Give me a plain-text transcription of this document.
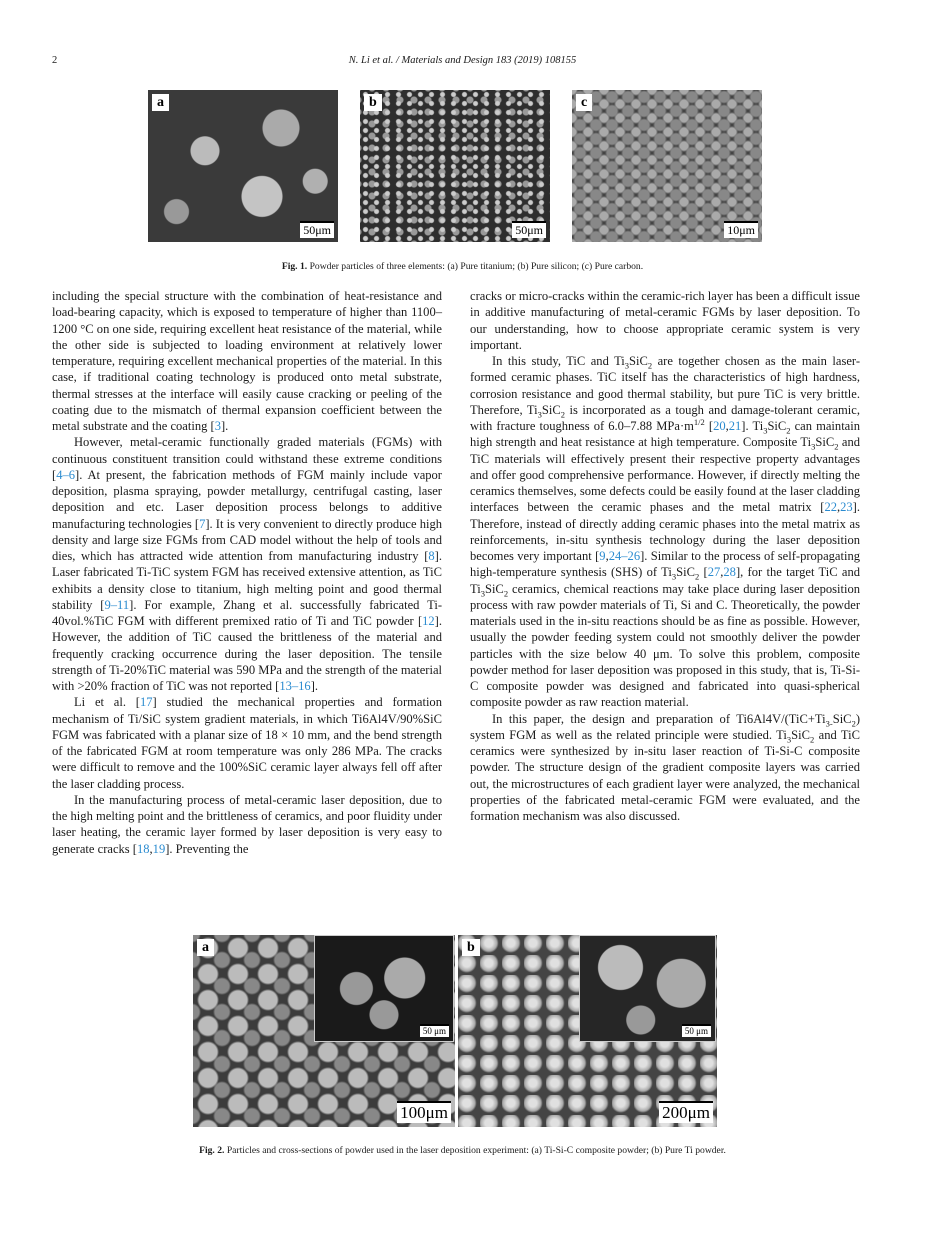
2	N. Li et al. / Materials and Design 183 (2019) 108155
a
50μm
b
50μm
c
10μm
Fig. 1. Powder particles of three elements: (a) Pure titanium; (b) Pure silicon; (c) Pure carbon.

including the special structure with the combination of heat-resistance and load-bearing capacity, which is exposed to temperature of higher than 1100–1200 °C on one side, requiring excellent heat resistance of the material, while the other side is subjected to loading environment at relatively lower temperature, requiring excellent mechanical properties of the material. In this case, if traditional coating technology is produced onto metal substrate, thermal stresses at the interface will easily cause cracking or peeling of the coating due to the mismatch of thermal expansion coefficient between the metal substrate and the coating [3].

However, metal-ceramic functionally graded materials (FGMs) with continuous constituent transition could withstand these extreme conditions [4–6]. At present, the fabrication methods of FGM mainly include vapor deposition, plasma spraying, powder metallurgy, centrifugal casting, laser deposition and etc. Laser deposition process belongs to additive manufacturing technologies [7]. It is very convenient to directly produce high density and large size FGMs from CAD model without the help of tools and dies, which has attracted wide attention from manufacturing industry [8]. Laser fabricated Ti-TiC system FGM has received extensive attention, as TiC exhibits a density close to titanium, high melting point and good thermal stability [9–11]. For example, Zhang et al. successfully fabricated Ti-40vol.%TiC FGM with different premixed ratio of Ti and TiC powder [12]. However, the addition of TiC caused the brittleness of the material and frequently cracking occurrence during the laser deposition. The tensile strength of Ti-20%TiC material was 590 MPa and the strength of the material with >20% fraction of TiC was not reported [13–16].

Li et al. [17] studied the mechanical properties and formation mechanism of Ti/SiC system gradient materials, in which Ti6Al4V/90%SiC FGM was fabricated with a planar size of 18 × 10 mm, and the bend strength of the fabricated FGM at room temperature was only 286 MPa. The cracks were difficult to remove and the 100%SiC ceramic layer always fell off after the laser cladding process.

In the manufacturing process of metal-ceramic laser deposition, due to the high melting point and the brittleness of ceramics, and poor fluidity under laser heating, the ceramic layer formed by laser deposition is very easy to generate cracks [18,19]. Preventing the

cracks or micro-cracks within the ceramic-rich layer has been a difficult issue in additive manufacturing of metal-ceramic FGMs by laser deposition. To our understanding, how to choose appropriate ceramic system is very important.

In this study, TiC and $Ti_3SiC_2$ are together chosen as the main laser-formed ceramic phases. TiC itself has the characteristics of high hardness, corrosion resistance and good thermal stability, but pure TiC is very brittle. Therefore, $Ti_3SiC_2$ is incorporated as a tough and damage-tolerant ceramic, with fracture toughness of 6.0–7.88 $MPa\cdot m^{1/2}$ [20,21]. $Ti_3SiC_2$ can maintain high strength and heat resistance at high temperature. Composite $Ti_3SiC_2$ and TiC materials will effectively present their respective property advantages and offer good comprehensive performance. However, if directly melting the ceramics themselves, some defects could be easily found at the laser cladding interfaces between the ceramic phases and the metal matrix [22,23]. Therefore, instead of directly adding ceramic phases into the metal matrix as reinforcements, in-situ synthesis technology during the laser deposition becomes very important [9,24–26]. Similar to the process of self-propagating high-temperature synthesis (SHS) of $Ti_3SiC_2$ [27,28], for the target TiC and $Ti_3SiC_2$ ceramics, chemical reactions may take place during laser deposition process with raw powder materials of Ti, Si and C. Theoretically, the powder materials used in the in-situ reactions should be as fine as possible. However, usually the powder feeding system could not smoothly deliver the powder particles with the size below 40 μm. To solve this problem, composite powder method for laser deposition was proposed in this study, that is, Ti-Si-C composite powder was designed and fabricated into quasi-spherical composite powder as raw reaction material.

In this paper, the design and preparation of $Ti6Al4V/(TiC+Ti_{3-}SiC_2)$ system FGM as well as the related principle were studied. $Ti_3SiC_2$ and TiC ceramics were synthesized by in-situ laser reaction of Ti-Si-C composite powder. The structure design of the gradient composite layers was carried out, the microstructures of each gradient layer were analyzed, the mechanical properties of the fabricated metal-ceramic FGM were evaluated, and the formation mechanism was also discussed.

a
50 μm
100μm
b
50 μm
200μm
Fig. 2. Particles and cross-sections of powder used in the laser deposition experiment: (a) Ti-Si-C composite powder; (b) Pure Ti powder.
